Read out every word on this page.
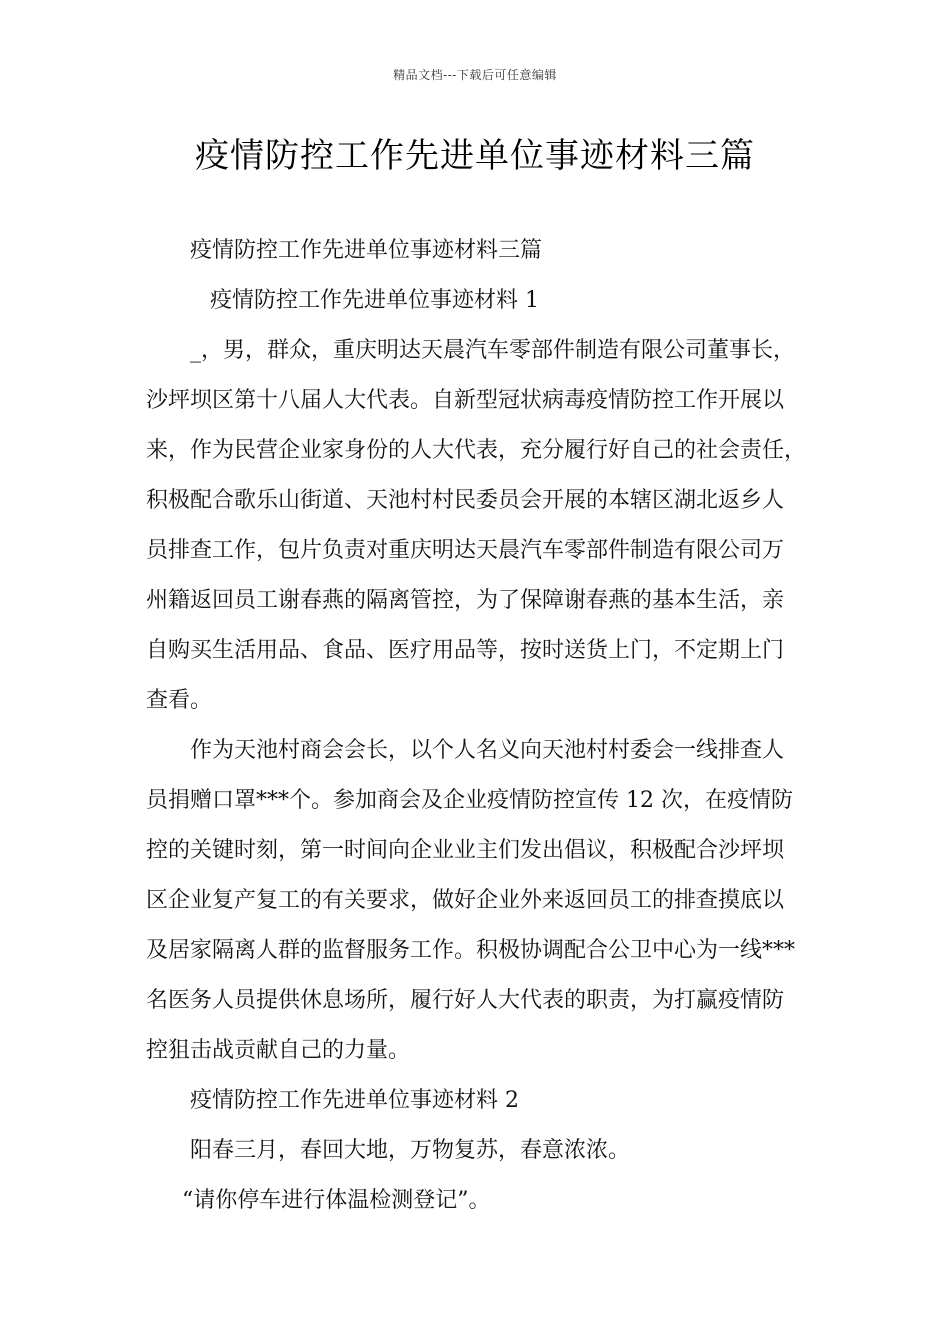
精品文档---下载后可任意编辑
疫情防控工作先进单位事迹材料三篇
疫情防控工作先进单位事迹材料三篇
疫情防控工作先进单位事迹材料 1
_，男，群众，重庆明达天晨汽车零部件制造有限公司董事长，
沙坪坝区第十八届人大代表。自新型冠状病毒疫情防控工作开展以
来，作为民营企业家身份的人大代表，充分履行好自己的社会责任，
积极配合歌乐山街道、天池村村民委员会开展的本辖区湖北返乡人
员排查工作，包片负责对重庆明达天晨汽车零部件制造有限公司万
州籍返回员工谢春燕的隔离管控，为了保障谢春燕的基本生活，亲
自购买生活用品、食品、医疗用品等，按时送货上门，不定期上门
查看。
作为天池村商会会长，以个人名义向天池村村委会一线排查人
员捐赠口罩***个。参加商会及企业疫情防控宣传 12 次，在疫情防
控的关键时刻，第一时间向企业业主们发出倡议，积极配合沙坪坝
区企业复产复工的有关要求，做好企业外来返回员工的排查摸底以
及居家隔离人群的监督服务工作。积极协调配合公卫中心为一线***
名医务人员提供休息场所，履行好人大代表的职责，为打赢疫情防
控狙击战贡献自己的力量。
疫情防控工作先进单位事迹材料 2
阳春三月，春回大地，万物复苏，春意浓浓。
“请你停车进行体温检测登记”。
